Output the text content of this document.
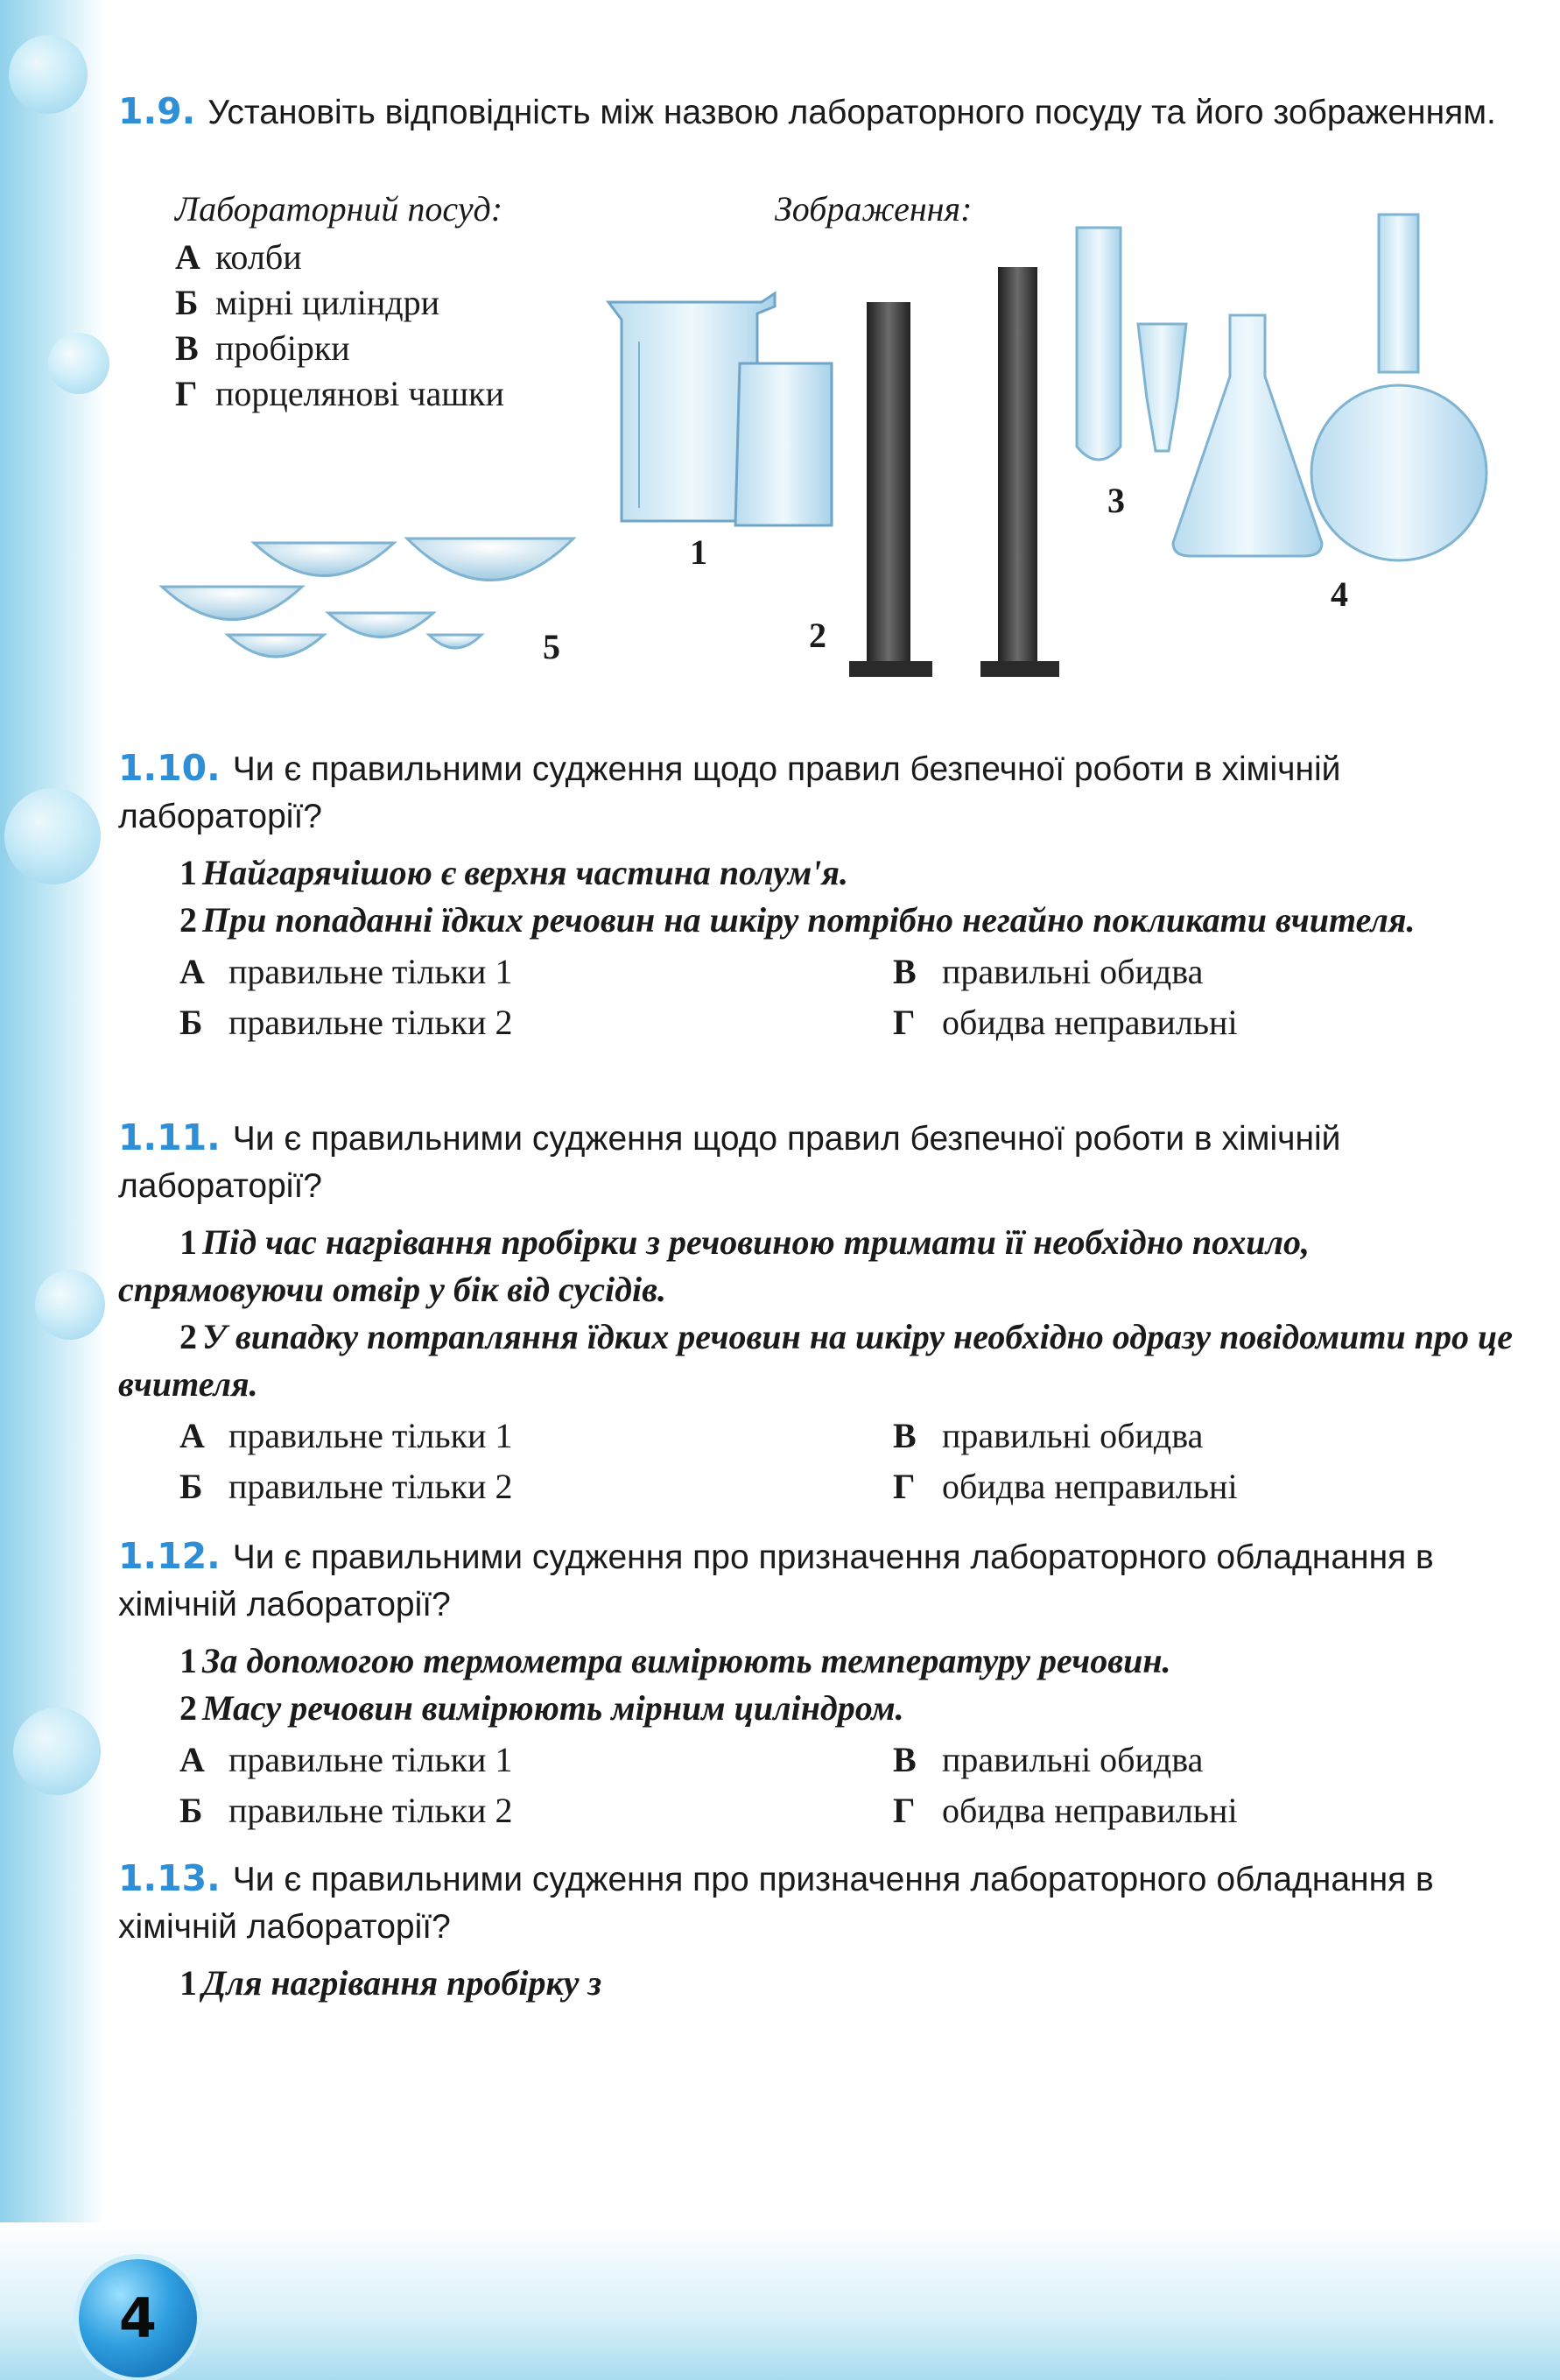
1.9. Установіть відповідність між назвою лабораторного посуду та його зображенням.
Лабораторний посуд:	Зображення:
А колби
Б мірні циліндри
В пробірки
Г порцелянові чашки
1
2
3
4
5
1.10. Чи є правильними судження щодо правил безпечної роботи в хімічній лабораторії?
1 Найгарячішою є верхня частина полум'я.
2 При попаданні їдких речовин на шкіру потрібно негайно покликати вчителя.
А правильне тільки 1
Б правильне тільки 2
В правильні обидва
Г обидва неправильні
1.11. Чи є правильними судження щодо правил безпечної роботи в хімічній лабораторії?
1 Під час нагрівання пробірки з речовиною тримати її необхідно похило, спрямовуючи отвір у бік від сусідів.
2 У випадку потрапляння їдких речовин на шкіру необхідно одразу повідомити про це вчителя.
А правильне тільки 1
Б правильне тільки 2
В правильні обидва
Г обидва неправильні
1.12. Чи є правильними судження про призначення лабораторного обладнання в хімічній лабораторії?
1 За допомогою термометра вимірюють температуру речовин.
2 Масу речовин вимірюють мірним циліндром.
А правильне тільки 1
Б правильне тільки 2
В правильні обидва
Г обидва неправильні
1.13. Чи є правильними судження про призначення лабораторного обладнання в хімічній лабораторії?
1 Для нагрівання пробірку з
4
